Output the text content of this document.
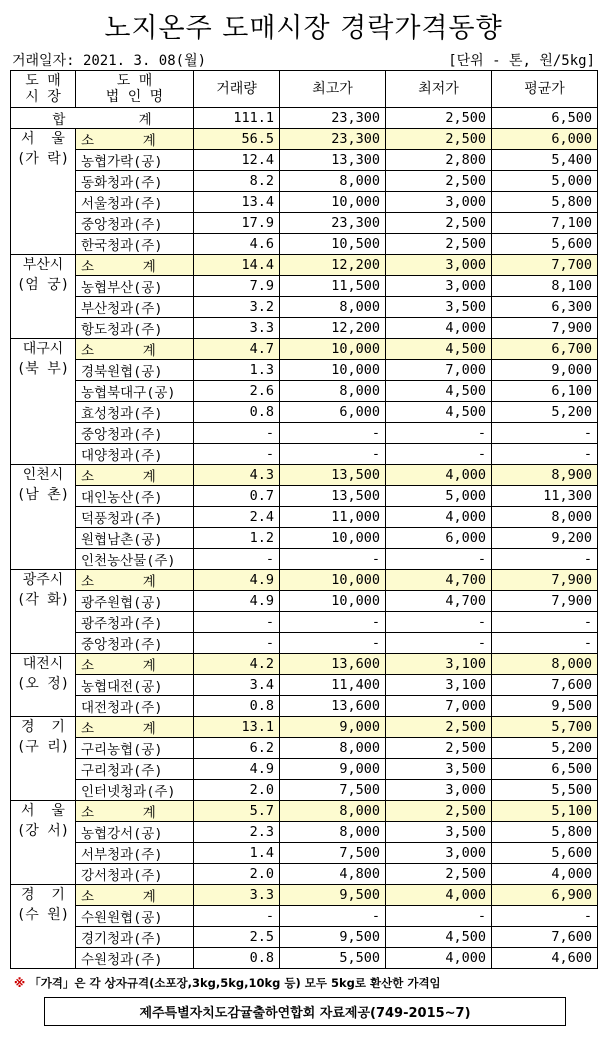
노지온주 도매시장 경락가격동향
거래일자: 2021. 3. 08(월)	[단위 - 톤, 원/5kg]
도 매
시 장	도 매
법 인 명	거래량	최고가	최저가	평균가
합         계		111.1	23,300	2,500	6,500

서  울
(가 락)	소      계	56.5	23,300	2,500	6,000
	농협가락(공)	12.4	13,300	2,800	5,400
	동화청과(주)	8.2	8,000	2,500	5,000
	서울청과(주)	13.4	10,000	3,000	5,800
	중앙청과(주)	17.9	23,300	2,500	7,100
	한국청과(주)	4.6	10,500	2,500	5,600

부산시
(엄 궁)	소      계	14.4	12,200	3,000	7,700
	농협부산(공)	7.9	11,500	3,000	8,100
	부산청과(주)	3.2	8,000	3,500	6,300
	항도청과(주)	3.3	12,200	4,000	7,900

대구시
(북 부)	소      계	4.7	10,000	4,500	6,700
	경북원협(공)	1.3	10,000	7,000	9,000
	농협북대구(공)	2.6	8,000	4,500	6,100
	효성청과(주)	0.8	6,000	4,500	5,200
	중앙청과(주)	-	-	-	-
	대양청과(주)	-	-	-	-

인천시
(남 촌)	소      계	4.3	13,500	4,000	8,900
	대인농산(주)	0.7	13,500	5,000	11,300
	덕풍청과(주)	2.4	11,000	4,000	8,000
	원협남촌(공)	1.2	10,000	6,000	9,200
	인천농산물(주)	-	-	-	-

광주시
(각 화)	소      계	4.9	10,000	4,700	7,900
	광주원협(공)	4.9	10,000	4,700	7,900
	광주청과(주)	-	-	-	-
	중앙청과(주)	-	-	-	-

대전시
(오 정)	소      계	4.2	13,600	3,100	8,000
	농협대전(공)	3.4	11,400	3,100	7,600
	대전청과(주)	0.8	13,600	7,000	9,500

경  기
(구 리)	소      계	13.1	9,000	2,500	5,700
	구리농협(공)	6.2	8,000	2,500	5,200
	구리청과(주)	4.9	9,000	3,500	6,500
	인터넷청과(주)	2.0	7,500	3,000	5,500

서  울
(강 서)	소      계	5.7	8,000	2,500	5,100
	농협강서(공)	2.3	8,000	3,500	5,800
	서부청과(주)	1.4	7,500	3,000	5,600
	강서청과(주)	2.0	4,800	2,500	4,000

경  기
(수 원)	소      계	3.3	9,500	4,000	6,900
	수원원협(공)	-	-	-	-
	경기청과(주)	2.5	9,500	4,500	7,600
	수원청과(주)	0.8	5,500	4,000	4,600
※ 「가격」은 각 상자규격(소포장,3kg,5kg,10kg 등) 모두 5kg로 환산한 가격임
제주특별자치도감귤출하연합회 자료제공(749-2015~7)
